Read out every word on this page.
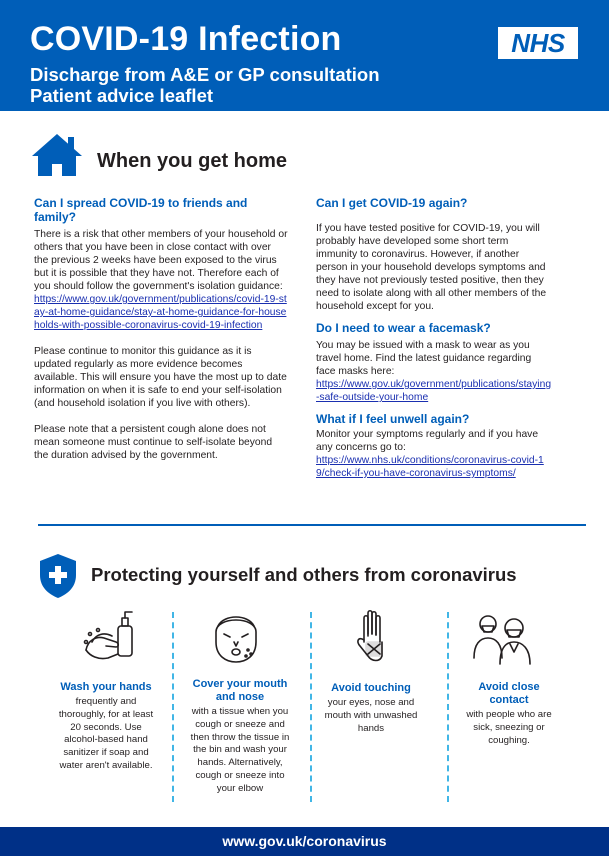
COVID-19 Infection
Discharge from A&E or GP consultation
Patient advice leaflet
NHS
When you get home
Can I spread COVID-19 to friends and family?
There is a risk that other members of your household or others that you have been in close contact with over the previous 2 weeks have been exposed to the virus but it is possible that they have not. Therefore each of you should follow the government's isolation guidance:
https://www.gov.uk/government/publications/covid-19-stay-at-home-guidance/stay-at-home-guidance-for-households-with-possible-coronavirus-covid-19-infection
Please continue to monitor this guidance as it is updated regularly as more evidence becomes available. This will ensure you have the most up to date information on when it is safe to end your self-isolation (and household isolation if you live with others).
Please note that a persistent cough alone does not mean someone must continue to self-isolate beyond the duration advised by the government.
Can I get COVID-19 again?
If you have tested positive for COVID-19, you will probably have developed some short term immunity to coronavirus. However, if another person in your household develops symptoms and they have not previously tested positive, then they need to isolate along with all other members of the household except for you.
Do I need to wear a facemask?
You may be issued with a mask to wear as you travel home. Find the latest guidance regarding face masks here:
https://www.gov.uk/government/publications/staying-safe-outside-your-home
What if I feel unwell again?
Monitor your symptoms regularly and if you have any concerns go to:
https://www.nhs.uk/conditions/coronavirus-covid-19/check-if-you-have-coronavirus-symptoms/
Protecting yourself and others from coronavirus
Wash your hands
frequently and thoroughly, for at least 20 seconds. Use alcohol-based hand sanitizer if soap and water aren't available.
Cover your mouth and nose
with a tissue when you cough or sneeze and then throw the tissue in the bin and wash your hands. Alternatively, cough or sneeze into your elbow
Avoid touching
your eyes, nose and mouth with unwashed hands
Avoid close contact
with people who are sick, sneezing or coughing.
www.gov.uk/coronavirus
